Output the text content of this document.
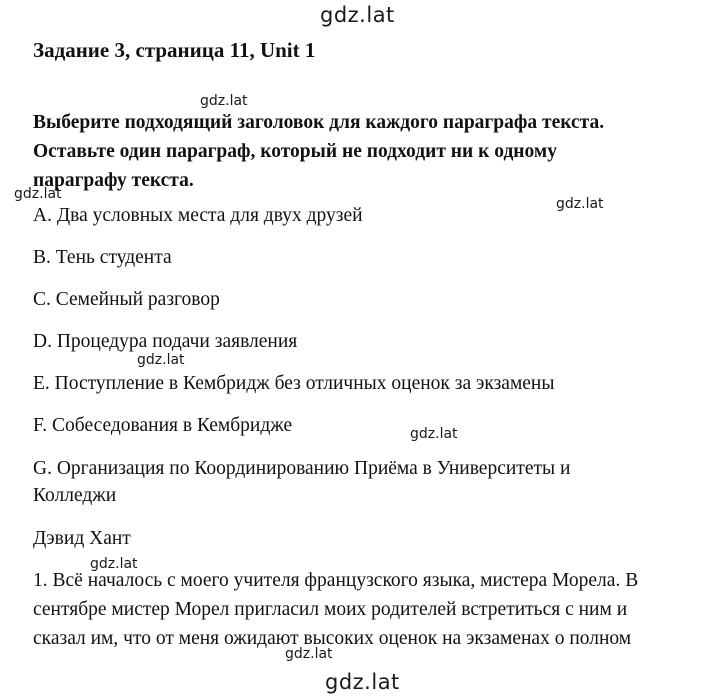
gdz.lat
gdz.lat
gdz.lat
gdz.lat
gdz.lat
gdz.lat
gdz.lat
gdz.lat
gdz.lat
Задание 3, страница 11, Unit 1
Выберите подходящий заголовок для каждого параграфа текста.
Оставьте один параграф, который не подходит ни к одному
параграфу текста.
A. Два условных места для двух друзей
B. Тень студента
C. Семейный разговор
D. Процедура подачи заявления
E. Поступление в Кембридж без отличных оценок за экзамены
F. Собеседования в Кембридже
G. Организация по Координированию Приёма в Университеты и
Колледжи
Дэвид Хант
1. Всё началось с моего учителя французского языка, мистера Морела. В
сентябре мистер Морел пригласил моих родителей встретиться с ним и
сказал им, что от меня ожидают высоких оценок на экзаменах о полном
